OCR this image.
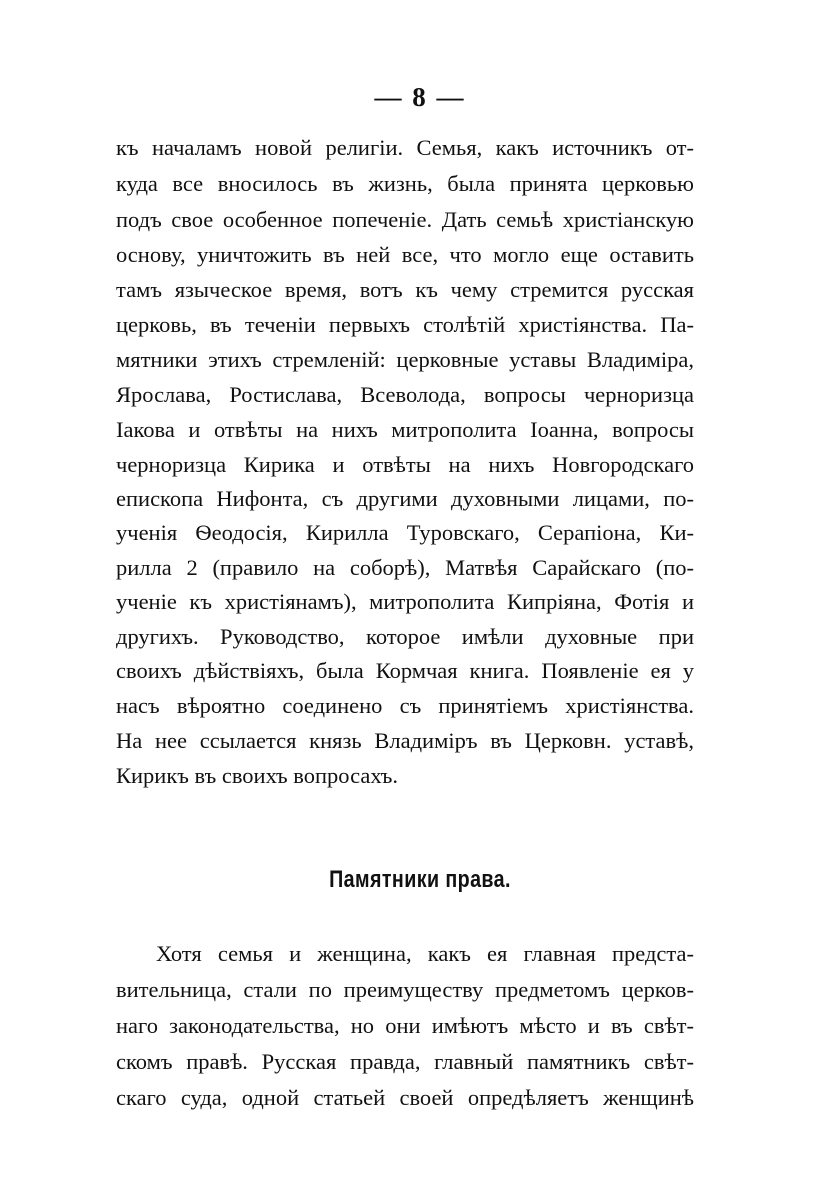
— 8 —
къ началамъ новой религіи. Семья, какъ источникъ от-
куда все вносилось въ жизнь, была принята церковью
подъ свое особенное попеченіе. Дать семьѣ христіанскую
основу, уничтожить въ ней все, что могло еще оставить
тамъ языческое время, вотъ къ чему стремится русская
церковь, въ теченіи первыхъ столѣтій христіянства. Па-
мятники этихъ стремленій: церковные уставы Владиміра,
Ярослава, Ростислава, Всеволода, вопросы черноризца
Іакова и отвѣты на нихъ митрополита Іоанна, вопросы
черноризца Кирика и отвѣты на нихъ Новгородскаго
епископа Нифонта, съ другими духовными лицами, по-
ученія Ѳеодосія, Кирилла Туровскаго, Серапіона, Ки-
рилла 2 (правило на соборѣ), Матвѣя Сарайскаго (по-
ученіе къ христіянамъ), митрополита Кипріяна, Фотія и
другихъ. Руководство, которое имѣли духовные при
своихъ дѣйствіяхъ, была Кормчая книга. Появленіе ея у
насъ вѣроятно соединено съ принятіемъ христіянства.
На нее ссылается князь Владиміръ въ Церковн. уставѣ,
Кирикъ въ своихъ вопросахъ.
Памятники права.
Хотя семья и женщина, какъ ея главная предста-
вительница, стали по преимуществу предметомъ церков-
наго законодательства, но они имѣютъ мѣсто и въ свѣт-
скомъ правѣ. Русская правда, главный памятникъ свѣт-
скаго суда, одной статьей своей опредѣляетъ женщинѣ
